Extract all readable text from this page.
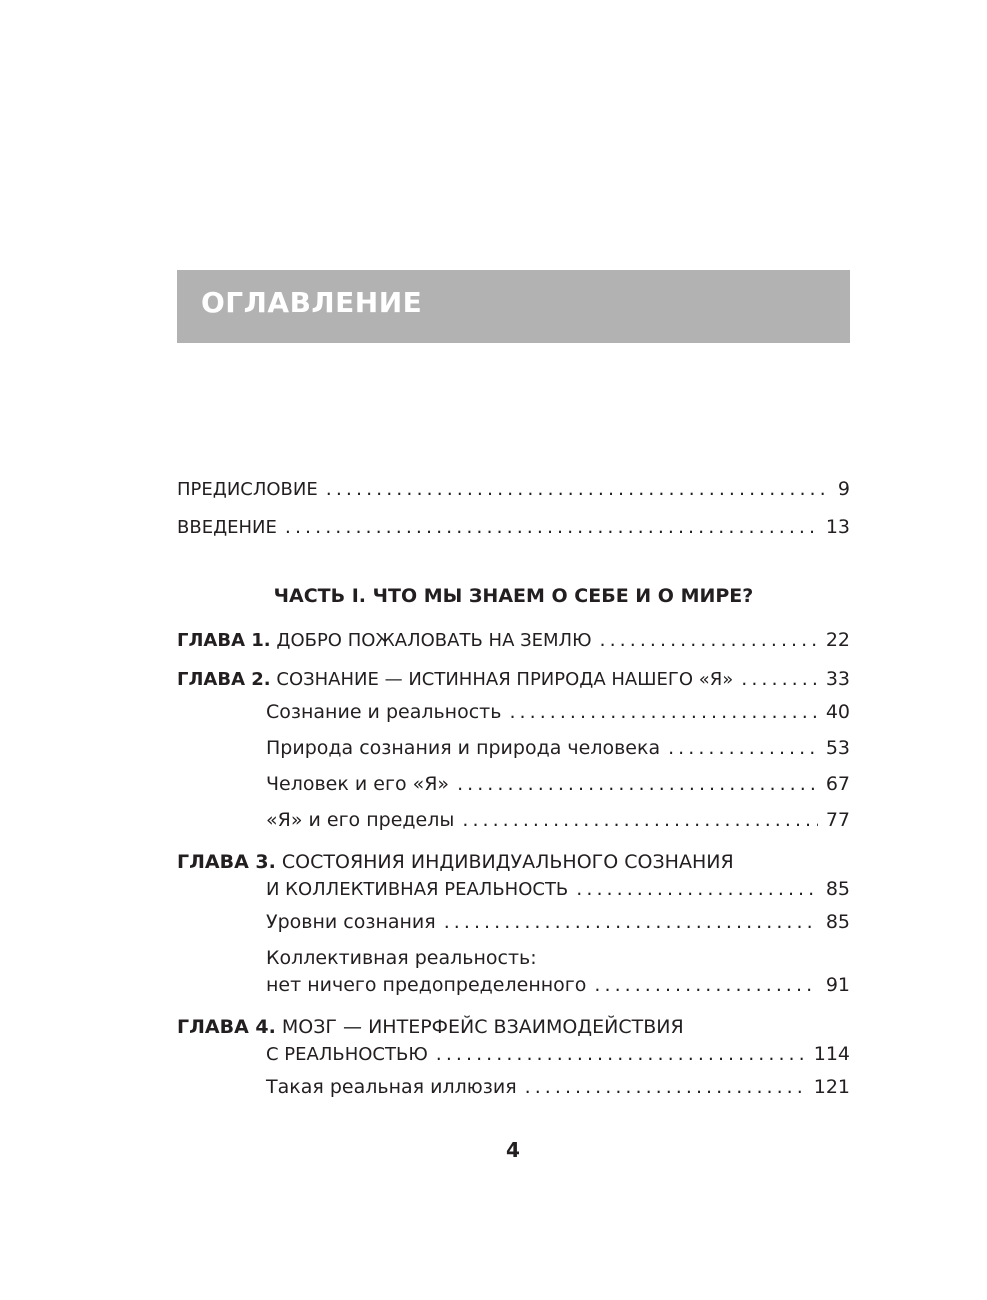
ОГЛАВЛЕНИЕ
ПРЕДИСЛОВИЕ . . .	9
ВВЕДЕНИЕ . . .	13
ЧАСТЬ I. ЧТО МЫ ЗНАЕМ О СЕБЕ И О МИРЕ?
ГЛАВА 1. ДОБРО ПОЖАЛОВАТЬ НА ЗЕМЛЮ . . .	22
ГЛАВА 2. СОЗНАНИЕ — ИСТИННАЯ ПРИРОДА НАШЕГО «Я» . . .	33
Сознание и реальность . . .	40
Природа сознания и природа человека . . .	53
Человек и его «Я» . . .	67
«Я» и его пределы . . .	77
ГЛАВА 3. СОСТОЯНИЯ ИНДИВИДУАЛЬНОГО СОЗНАНИЯ
И КОЛЛЕКТИВНАЯ РЕАЛЬНОСТЬ . . .	85
Уровни сознания . . .	85
Коллективная реальность:
нет ничего предопределенного . . .	91
ГЛАВА 4. МОЗГ — ИНТЕРФЕЙС ВЗАИМОДЕЙСТВИЯ
С РЕАЛЬНОСТЬЮ . . .	114
Такая реальная иллюзия . . .	121
4
